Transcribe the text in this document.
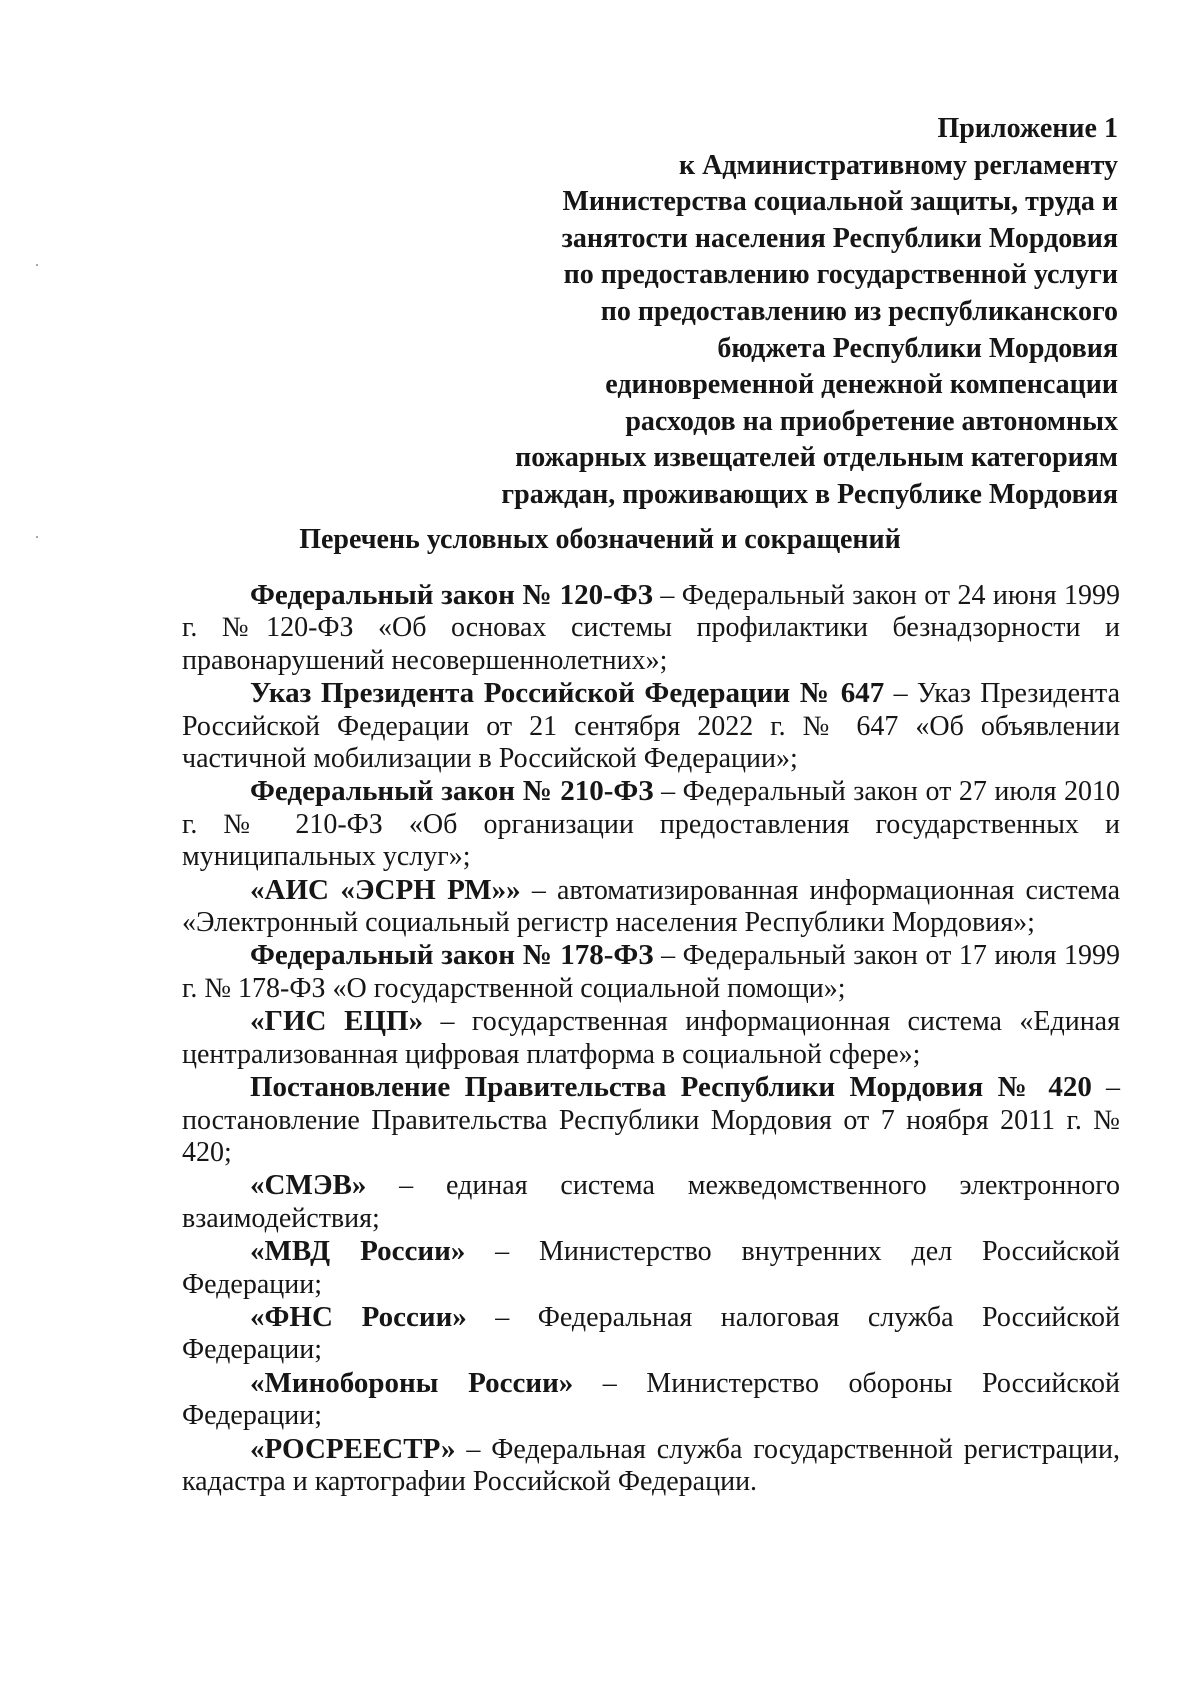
Приложение 1
к Административному регламенту
Министерства социальной защиты, труда и
занятости населения Республики Мордовия
по предоставлению государственной услуги
по предоставлению из республиканского
бюджета Республики Мордовия
единовременной денежной компенсации
расходов на приобретение автономных
пожарных извещателей отдельным категориям
граждан, проживающих в Республике Мордовия
Перечень условных обозначений и сокращений
Федеральный закон № 120-ФЗ – Федеральный закон от 24 июня 1999 г. №120-ФЗ «Об основах системы профилактики безнадзорности и правонарушений несовершеннолетних»;
Указ Президента Российской Федерации № 647 – Указ Президента Российской Федерации от 21 сентября 2022 г. № 647 «Об объявлении частичной мобилизации в Российской Федерации»;
Федеральный закон № 210-ФЗ – Федеральный закон от 27 июля 2010 г. № 210-ФЗ «Об организации предоставления государственных и муниципальных услуг»;
«АИС «ЭСРН РМ»» – автоматизированная информационная система «Электронный социальный регистр населения Республики Мордовия»;
Федеральный закон № 178-ФЗ – Федеральный закон от 17 июля 1999 г. № 178-ФЗ «О государственной социальной помощи»;
«ГИС ЕЦП» – государственная информационная система «Единая централизованная цифровая платформа в социальной сфере»;
Постановление Правительства Республики Мордовия № 420 – постановление Правительства Республики Мордовия от 7 ноября 2011 г. № 420;
«СМЭВ» – единая система межведомственного электронного взаимодействия;
«МВД России» – Министерство внутренних дел Российской Федерации;
«ФНС России» – Федеральная налоговая служба Российской Федерации;
«Минобороны России» – Министерство обороны Российской Федерации;
«РОСРЕЕСТР» – Федеральная служба государственной регистрации, кадастра и картографии Российской Федерации.
